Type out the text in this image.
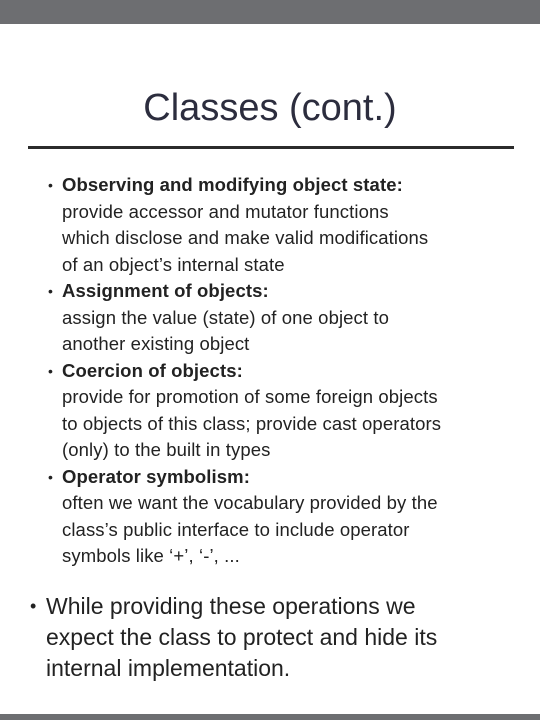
Classes (cont.)
• Observing and modifying object state:
provide accessor and mutator functions
which disclose and make valid modifications
of an object’s internal state
• Assignment of objects:
assign the value (state) of one object to
another existing object
• Coercion of objects:
provide for promotion of some foreign objects
to objects of this class; provide cast operators
(only) to the built in types
• Operator symbolism:
often we want the vocabulary provided by the
class’s public interface to include operator
symbols like ‘+’, ‘-’, ...
• While providing these operations we
expect the class to protect and hide its
internal implementation.
